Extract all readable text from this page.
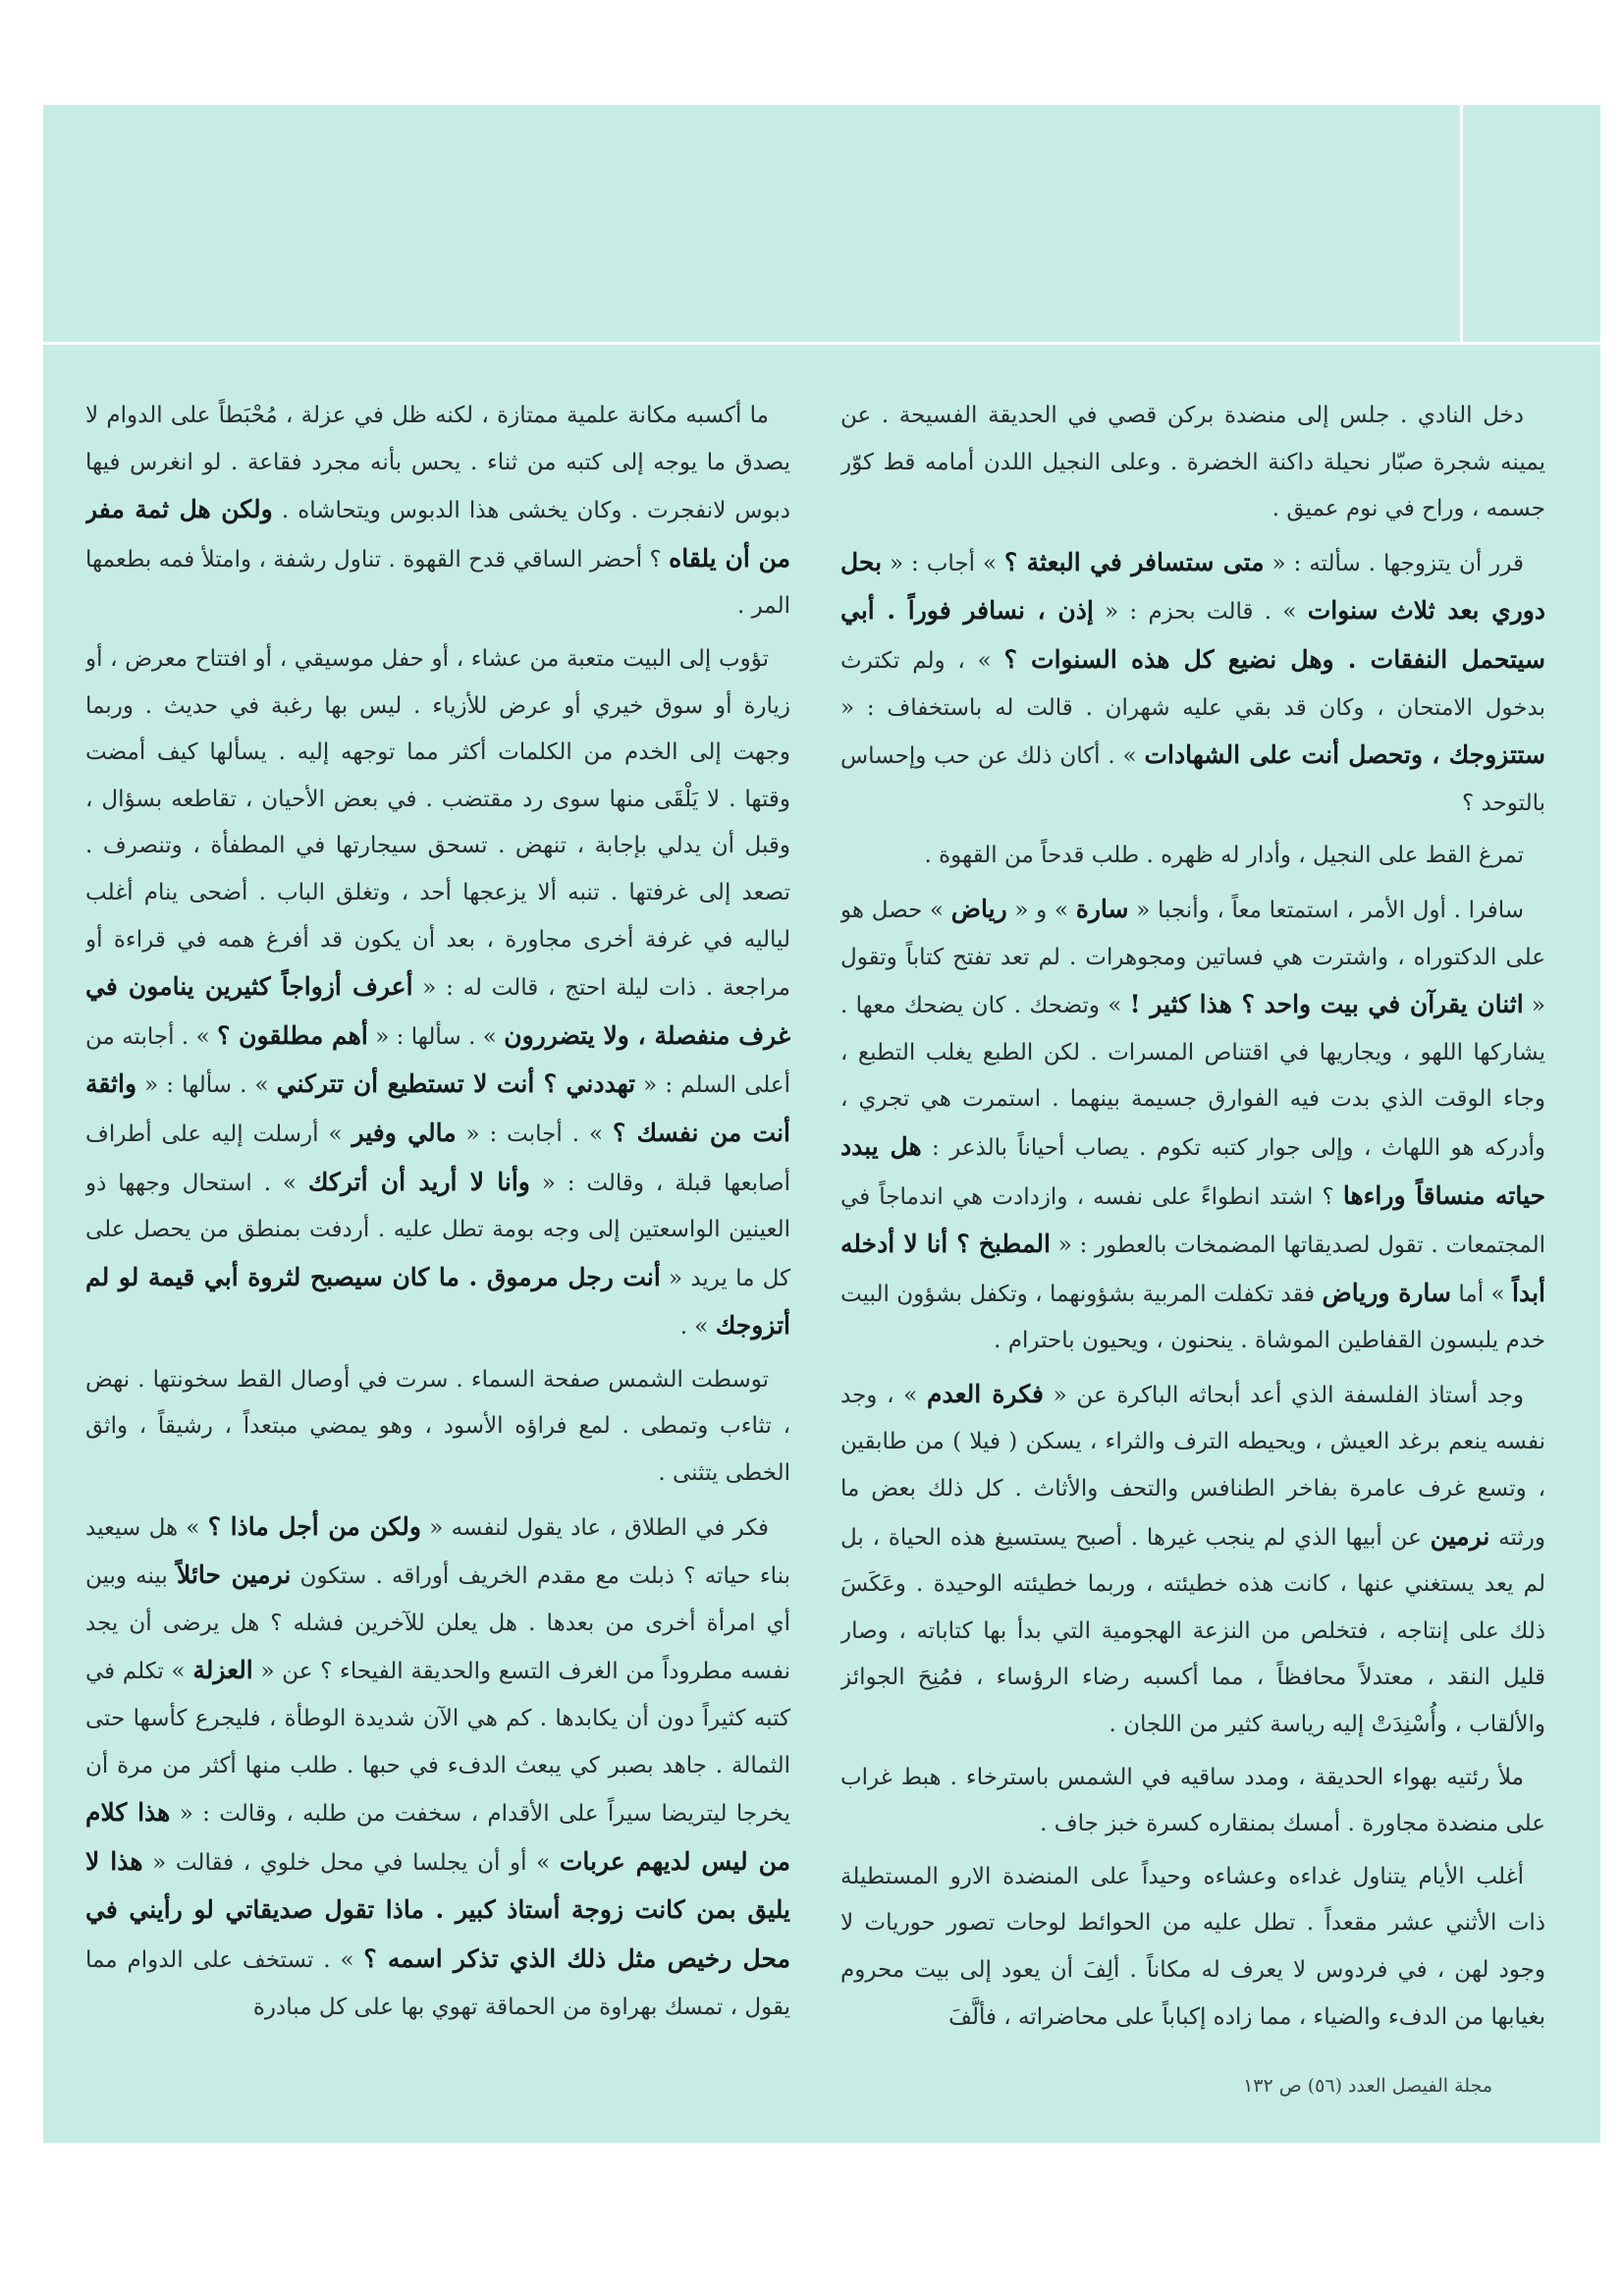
دخل النادي . جلس إلى منضدة بركن قصي في الحديقة الفسيحة . عن يمينه شجرة صبّار نحيلة داكنة الخضرة . وعلى النجيل اللدن أمامه قط كوّر جسمه ، وراح في نوم عميق .

قرر أن يتزوجها . سألته : « متى ستسافر في البعثة ؟ » أجاب : « بحل دوري بعد ثلاث سنوات » . قالت بحزم : « إذن ، نسافر فوراً . أبي سيتحمل النفقات . وهل نضيع كل هذه السنوات ؟ » ، ولم تكترث بدخول الامتحان ، وكان قد بقي عليه شهران . قالت له باستخفاف : « ستتزوجك ، وتحصل أنت على الشهادات » . أكان ذلك عن حب وإحساس بالتوحد ؟

تمرغ القط على النجيل ، وأدار له ظهره . طلب قدحاً من القهوة .

سافرا . أول الأمر ، استمتعا معاً ، وأنجبا « سارة » و « رياض » حصل هو على الدكتوراه ، واشترت هي فساتين ومجوهرات . لم تعد تفتح كتاباً وتقول « اثنان يقرآن في بيت واحد ؟ هذا كثير ! » وتضحك . كان يضحك معها . يشاركها اللهو ، ويجاريها في اقتناص المسرات . لكن الطبع يغلب التطبع ، وجاء الوقت الذي بدت فيه الفوارق جسيمة بينهما . استمرت هي تجري ، وأدركه هو اللهاث ، وإلى جوار كتبه تكوم . يصاب أحياناً بالذعر : هل يبدد حياته منساقاً وراءها ؟ اشتد انطواءً على نفسه ، وازدادت هي اندماجاً في المجتمعات . تقول لصديقاتها المضمخات بالعطور : « المطبخ ؟ أنا لا أدخله أبداً » أما سارة ورياض فقد تكفلت المربية بشؤونهما ، وتكفل بشؤون البيت خدم يلبسون القفاطين الموشاة . ينحنون ، ويحيون باحترام .

وجد أستاذ الفلسفة الذي أعد أبحاثه الباكرة عن « فكرة العدم » ، وجد نفسه ينعم برغد العيش ، ويحيطه الترف والثراء ، يسكن ( فيلا ) من طابقين ، وتسع غرف عامرة بفاخر الطنافس والتحف والأثاث . كل ذلك بعض ما ورثته نرمين عن أبيها الذي لم ينجب غيرها . أصبح يستسيغ هذه الحياة ، بل لم يعد يستغني عنها ، كانت هذه خطيئته ، وربما خطيئته الوحيدة . وعَكَسَ ذلك على إنتاجه ، فتخلص من النزعة الهجومية التي بدأ بها كتاباته ، وصار قليل النقد ، معتدلاً محافظاً ، مما أكسبه رضاء الرؤساء ، فمُنِحَ الجوائز والألقاب ، وأُسْنِدَتْ إليه رياسة كثير من اللجان .

ملأ رئتيه بهواء الحديقة ، ومدد ساقيه في الشمس باسترخاء . هبط غراب على منضدة مجاورة . أمسك بمنقاره كسرة خبز جاف .

أغلب الأيام يتناول غداءه وعشاءه وحيداً على المنضدة الارو المستطيلة ذات الأثني عشر مقعداً . تطل عليه من الحوائط لوحات تصور حوريات لا وجود لهن ، في فردوس لا يعرف له مكاناً . ألِفَ أن يعود إلى بيت محروم بغيابها من الدفء والضياء ، مما زاده إكباباً على محاضراته ، فألَّفَ

ما أكسبه مكانة علمية ممتازة ، لكنه ظل في عزلة ، مُحْبَطاً على الدوام لا يصدق ما يوجه إلى كتبه من ثناء . يحس بأنه مجرد فقاعة . لو انغرس فيها دبوس لانفجرت . وكان يخشى هذا الدبوس ويتحاشاه . ولكن هل ثمة مفر من أن يلقاه ؟ أحضر الساقي قدح القهوة . تناول رشفة ، وامتلأ فمه بطعمها المر .

تؤوب إلى البيت متعبة من عشاء ، أو حفل موسيقي ، أو افتتاح معرض ، أو زيارة أو سوق خيري أو عرض للأزياء . ليس بها رغبة في حديث . وربما وجهت إلى الخدم من الكلمات أكثر مما توجهه إليه . يسألها كيف أمضت وقتها . لا يَلْقَى منها سوى رد مقتضب . في بعض الأحيان ، تقاطعه بسؤال ، وقبل أن يدلي بإجابة ، تنهض . تسحق سيجارتها في المطفأة ، وتنصرف . تصعد إلى غرفتها . تنبه ألا يزعجها أحد ، وتغلق الباب . أضحى ينام أغلب لياليه في غرفة أخرى مجاورة ، بعد أن يكون قد أفرغ همه في قراءة أو مراجعة . ذات ليلة احتج ، قالت له : « أعرف أزواجاً كثيرين ينامون في غرف منفصلة ، ولا يتضررون » . سألها : « أهم مطلقون ؟ » . أجابته من أعلى السلم : « تهددني ؟ أنت لا تستطيع أن تتركني » . سألها : « واثقة أنت من نفسك ؟ » . أجابت : « مالي وفير » أرسلت إليه على أطراف أصابعها قبلة ، وقالت : « وأنا لا أريد أن أتركك » . استحال وجهها ذو العينين الواسعتين إلى وجه بومة تطل عليه . أردفت بمنطق من يحصل على كل ما يريد « أنت رجل مرموق . ما كان سيصبح لثروة أبي قيمة لو لم أتزوجك » .

توسطت الشمس صفحة السماء . سرت في أوصال القط سخونتها . نهض ، تثاءب وتمطى . لمع فراؤه الأسود ، وهو يمضي مبتعداً ، رشيقاً ، واثق الخطى يتثنى .

فكر في الطلاق ، عاد يقول لنفسه « ولكن من أجل ماذا ؟ » هل سيعيد بناء حياته ؟ ذبلت مع مقدم الخريف أوراقه . ستكون نرمين حائلاً بينه وبين أي امرأة أخرى من بعدها . هل يعلن للآخرين فشله ؟ هل يرضى أن يجد نفسه مطروداً من الغرف التسع والحديقة الفيحاء ؟ عن « العزلة » تكلم في كتبه كثيراً دون أن يكابدها . كم هي الآن شديدة الوطأة ، فليجرع كأسها حتى الثمالة . جاهد بصبر كي يبعث الدفء في حبها . طلب منها أكثر من مرة أن يخرجا ليتريضا سيراً على الأقدام ، سخفت من طلبه ، وقالت : « هذا كلام من ليس لديهم عربات » أو أن يجلسا في محل خلوي ، فقالت « هذا لا يليق بمن كانت زوجة أستاذ كبير . ماذا تقول صديقاتي لو رأيني في محل رخيص مثل ذلك الذي تذكر اسمه ؟ » . تستخف على الدوام مما يقول ، تمسك بهراوة من الحماقة تهوي بها على كل مبادرة

مجلة الفيصل العدد (٥٦) ص ١٣٢
